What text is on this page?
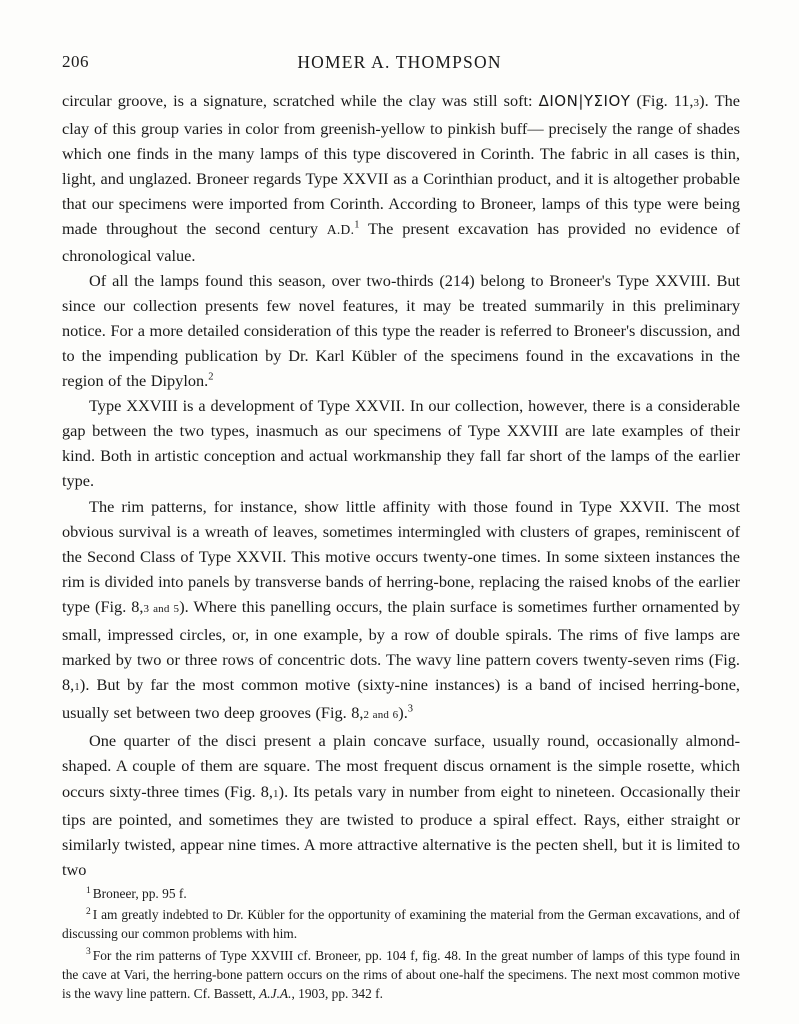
206	HOMER A. THOMPSON

circular groove, is a signature, scratched while the clay was still soft: ΔΙΟΝ|ΥΣΙΟΥ (Fig. 11,3). The clay of this group varies in color from greenish-yellow to pinkish buff— precisely the range of shades which one finds in the many lamps of this type discovered in Corinth. The fabric in all cases is thin, light, and unglazed. Broneer regards Type XXVII as a Corinthian product, and it is altogether probable that our specimens were imported from Corinth. According to Broneer, lamps of this type were being made throughout the second century A.D.$^1$ The present excavation has provided no evidence of chronological value.

Of all the lamps found this season, over two-thirds (214) belong to Broneer's Type XXVIII. But since our collection presents few novel features, it may be treated summarily in this preliminary notice. For a more detailed consideration of this type the reader is referred to Broneer's discussion, and to the impending publication by Dr. Karl Kübler of the specimens found in the excavations in the region of the Dipylon.$^2$

Type XXVIII is a development of Type XXVII. In our collection, however, there is a considerable gap between the two types, inasmuch as our specimens of Type XXVIII are late examples of their kind. Both in artistic conception and actual workmanship they fall far short of the lamps of the earlier type.

The rim patterns, for instance, show little affinity with those found in Type XXVII. The most obvious survival is a wreath of leaves, sometimes intermingled with clusters of grapes, reminiscent of the Second Class of Type XXVII. This motive occurs twenty-one times. In some sixteen instances the rim is divided into panels by transverse bands of herring-bone, replacing the raised knobs of the earlier type (Fig. 8,3 and 5). Where this panelling occurs, the plain surface is sometimes further ornamented by small, impressed circles, or, in one example, by a row of double spirals. The rims of five lamps are marked by two or three rows of concentric dots. The wavy line pattern covers twenty-seven rims (Fig. 8,1). But by far the most common motive (sixty-nine instances) is a band of incised herring-bone, usually set between two deep grooves (Fig. 8,2 and 6).$^3$

One quarter of the disci present a plain concave surface, usually round, occasionally almond-shaped. A couple of them are square. The most frequent discus ornament is the simple rosette, which occurs sixty-three times (Fig. 8,1). Its petals vary in number from eight to nineteen. Occasionally their tips are pointed, and sometimes they are twisted to produce a spiral effect. Rays, either straight or similarly twisted, appear nine times. A more attractive alternative is the pecten shell, but it is limited to two

$^1$ Broneer, pp. 95 f.

$^2$ I am greatly indebted to Dr. Kübler for the opportunity of examining the material from the German excavations, and of discussing our common problems with him.

$^3$ For the rim patterns of Type XXVIII cf. Broneer, pp. 104 f, fig. 48. In the great number of lamps of this type found in the cave at Vari, the herring-bone pattern occurs on the rims of about one-half the specimens. The next most common motive is the wavy line pattern. Cf. Bassett, A.J.A., 1903, pp. 342 f.
